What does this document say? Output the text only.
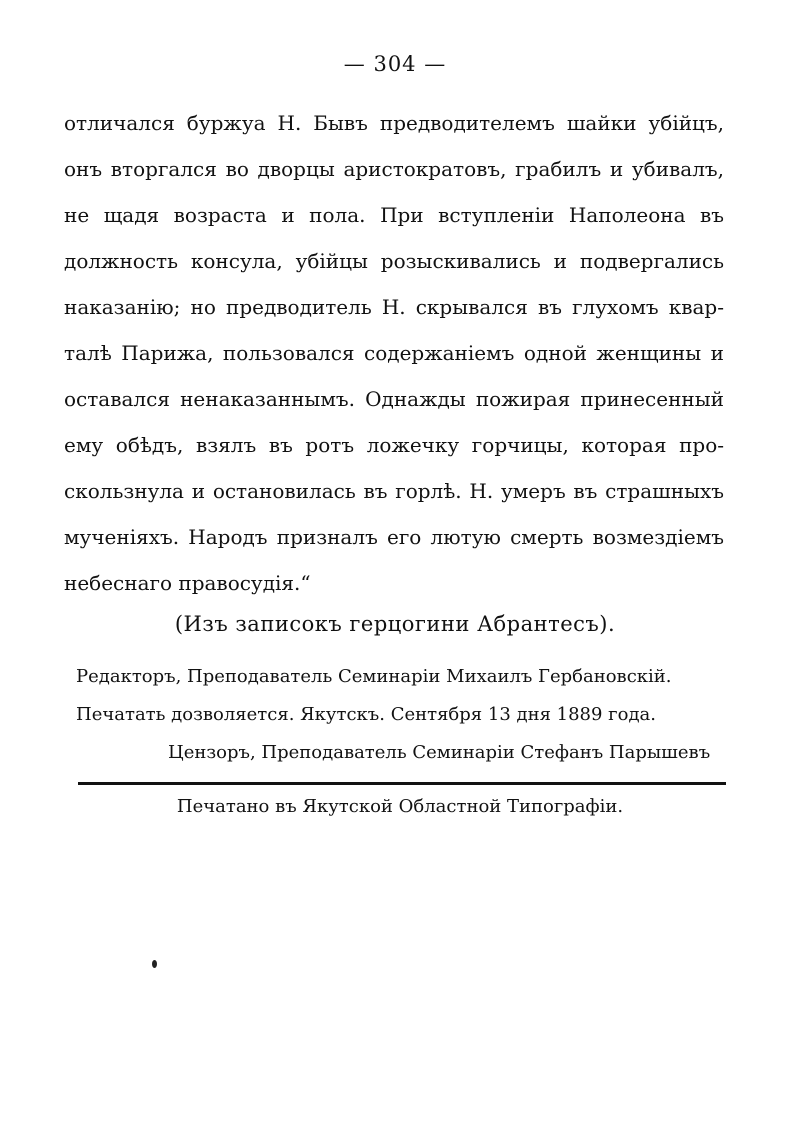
— 304 —

отличался буржуа Н. Бывъ предводителемъ шайки убійцъ,
онъ вторгался во дворцы аристократовъ, грабилъ и убивалъ,
не щадя возраста и пола. При вступленіи Наполеона въ
должность консула, убійцы розыскивались и подвергались
наказанію; но предводитель Н. скрывался въ глухомъ квар-
талѣ Парижа, пользовался содержаніемъ одной женщины и
оставался ненаказаннымъ. Однажды пожирая принесенный
ему обѣдъ, взялъ въ ротъ ложечку горчицы, которая про-
скользнула и остановилась въ горлѣ. Н. умеръ въ страшныхъ
мученіяхъ. Народъ призналъ его лютую смерть возмездіемъ
небеснаго правосудія.“

(Изъ записокъ герцогини Абрантесъ).
Редакторъ, Преподаватель Семинаріи Михаилъ Гербановскій.
Печатать дозволяется. Якутскъ. Сентября 13 дня 1889 года.
Цензоръ, Преподаватель Семинаріи Стефанъ Парышевъ
Печатано въ Якутской Областной Типографіи.
